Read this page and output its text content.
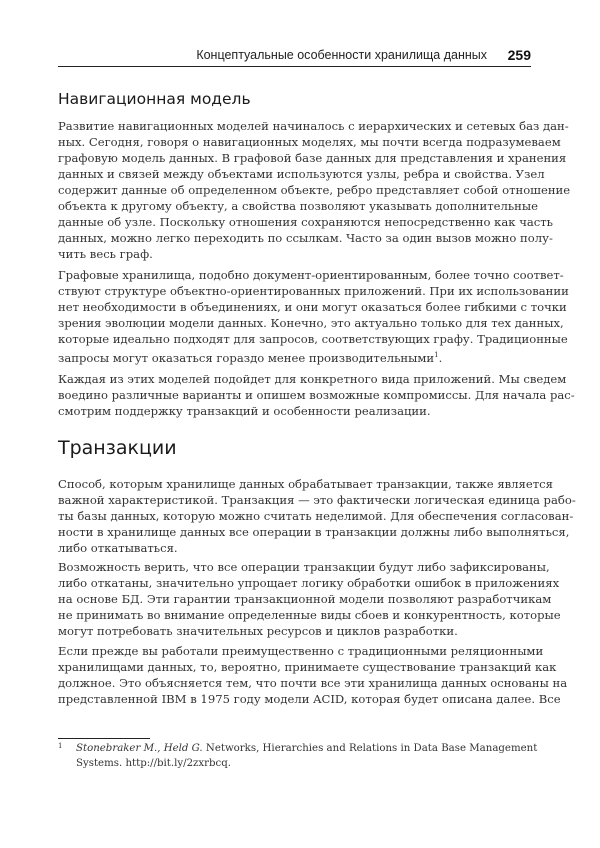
Концептуальные особенности хранилища данных 259
Навигационная модель
Развитие навигационных моделей начиналось с иерархических и сетевых баз дан-
ных. Сегодня, говоря о навигационных моделях, мы почти всегда подразумеваем
графовую модель данных. В графовой базе данных для представления и хранения
данных и связей между объектами используются узлы, ребра и свойства. Узел
содержит данные об определенном объекте, ребро представляет собой отношение
объекта к другому объекту, а свойства позволяют указывать дополнительные
данные об узле. Поскольку отношения сохраняются непосредственно как часть
данных, можно легко переходить по ссылкам. Часто за один вызов можно полу-
чить весь граф.
Графовые хранилища, подобно документ-ориентированным, более точно соответ-
ствуют структуре объектно-ориентированных приложений. При их использовании
нет необходимости в объединениях, и они могут оказаться более гибкими с точки
зрения эволюции модели данных. Конечно, это актуально только для тех данных,
которые идеально подходят для запросов, соответствующих графу. Традиционные
запросы могут оказаться гораздо менее производительными$^1$.
Каждая из этих моделей подойдет для конкретного вида приложений. Мы сведем
воедино различные варианты и опишем возможные компромиссы. Для начала рас-
смотрим поддержку транзакций и особенности реализации.
Транзакции
Способ, которым хранилище данных обрабатывает транзакции, также является
важной характеристикой. Транзакция — это фактически логическая единица рабо-
ты базы данных, которую можно считать неделимой. Для обеспечения согласован-
ности в хранилище данных все операции в транзакции должны либо выполняться,
либо откатываться.
Возможность верить, что все операции транзакции будут либо зафиксированы,
либо откатаны, значительно упрощает логику обработки ошибок в приложениях
на основе БД. Эти гарантии транзакционной модели позволяют разработчикам
не принимать во внимание определенные виды сбоев и конкурентность, которые
могут потребовать значительных ресурсов и циклов разработки.
Если прежде вы работали преимущественно с традиционными реляционными
хранилищами данных, то, вероятно, принимаете существование транзакций как
должное. Это объясняется тем, что почти все эти хранилища данных основаны на
представленной IBM в 1975 году модели ACID, которая будет описана далее. Все
1 Stonebraker M., Held G. Networks, Hierarchies and Relations in Data Base Management
Systems. http://bit.ly/2zxrbcq.
